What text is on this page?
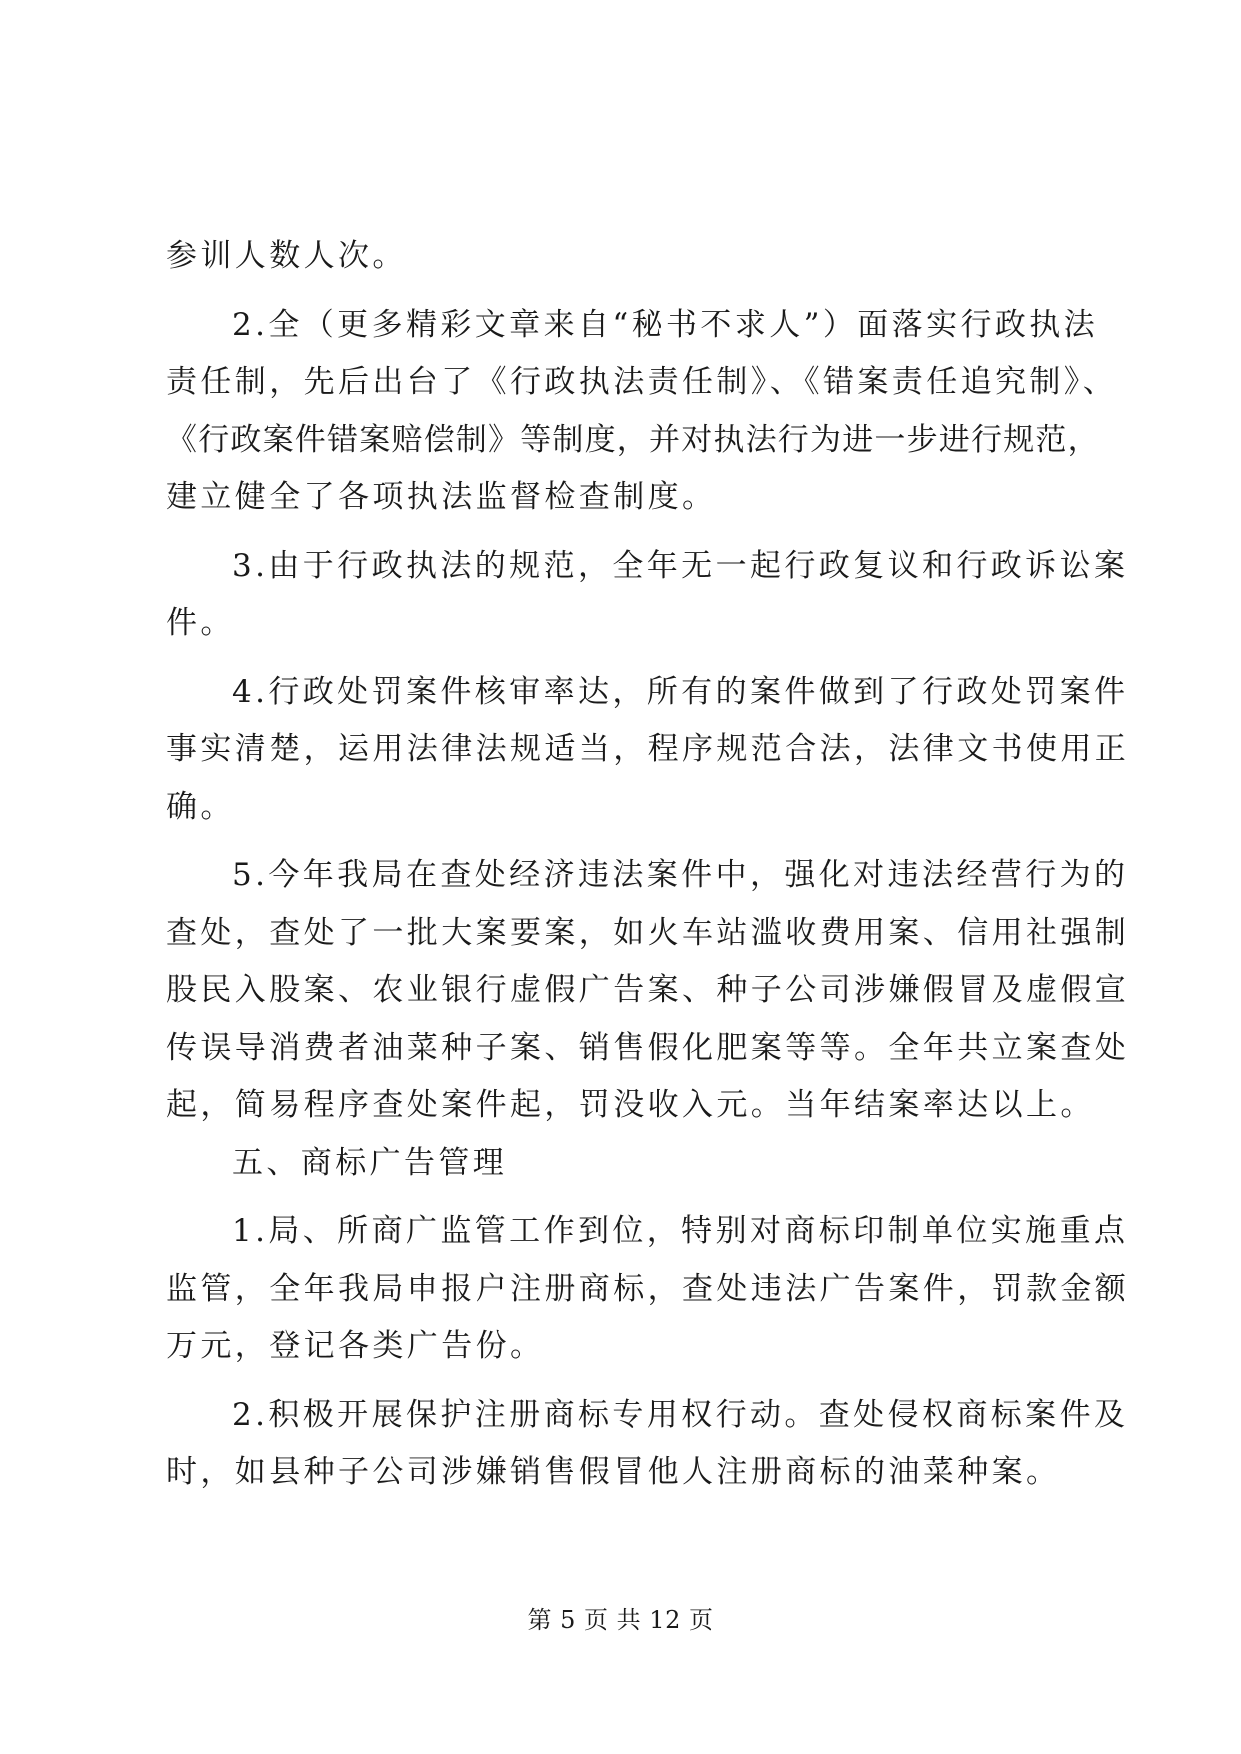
参训人数人次。
2.全（更多精彩文章来自“秘书不求人”）面落实行政执法
责任制，先后出台了《行政执法责任制》、《错案责任追究制》、
《行政案件错案赔偿制》等制度，并对执法行为进一步进行规范，
建立健全了各项执法监督检查制度。
3.由于行政执法的规范，全年无一起行政复议和行政诉讼案
件。
4.行政处罚案件核审率达，所有的案件做到了行政处罚案件
事实清楚，运用法律法规适当，程序规范合法，法律文书使用正
确。
5.今年我局在查处经济违法案件中，强化对违法经营行为的
查处，查处了一批大案要案，如火车站滥收费用案、信用社强制
股民入股案、农业银行虚假广告案、种子公司涉嫌假冒及虚假宣
传误导消费者油菜种子案、销售假化肥案等等。全年共立案查处
起，简易程序查处案件起，罚没收入元。当年结案率达以上。
五、商标广告管理
1.局、所商广监管工作到位，特别对商标印制单位实施重点
监管，全年我局申报户注册商标，查处违法广告案件，罚款金额
万元，登记各类广告份。
2.积极开展保护注册商标专用权行动。查处侵权商标案件及
时，如县种子公司涉嫌销售假冒他人注册商标的油菜种案。
第 5 页 共 12 页
